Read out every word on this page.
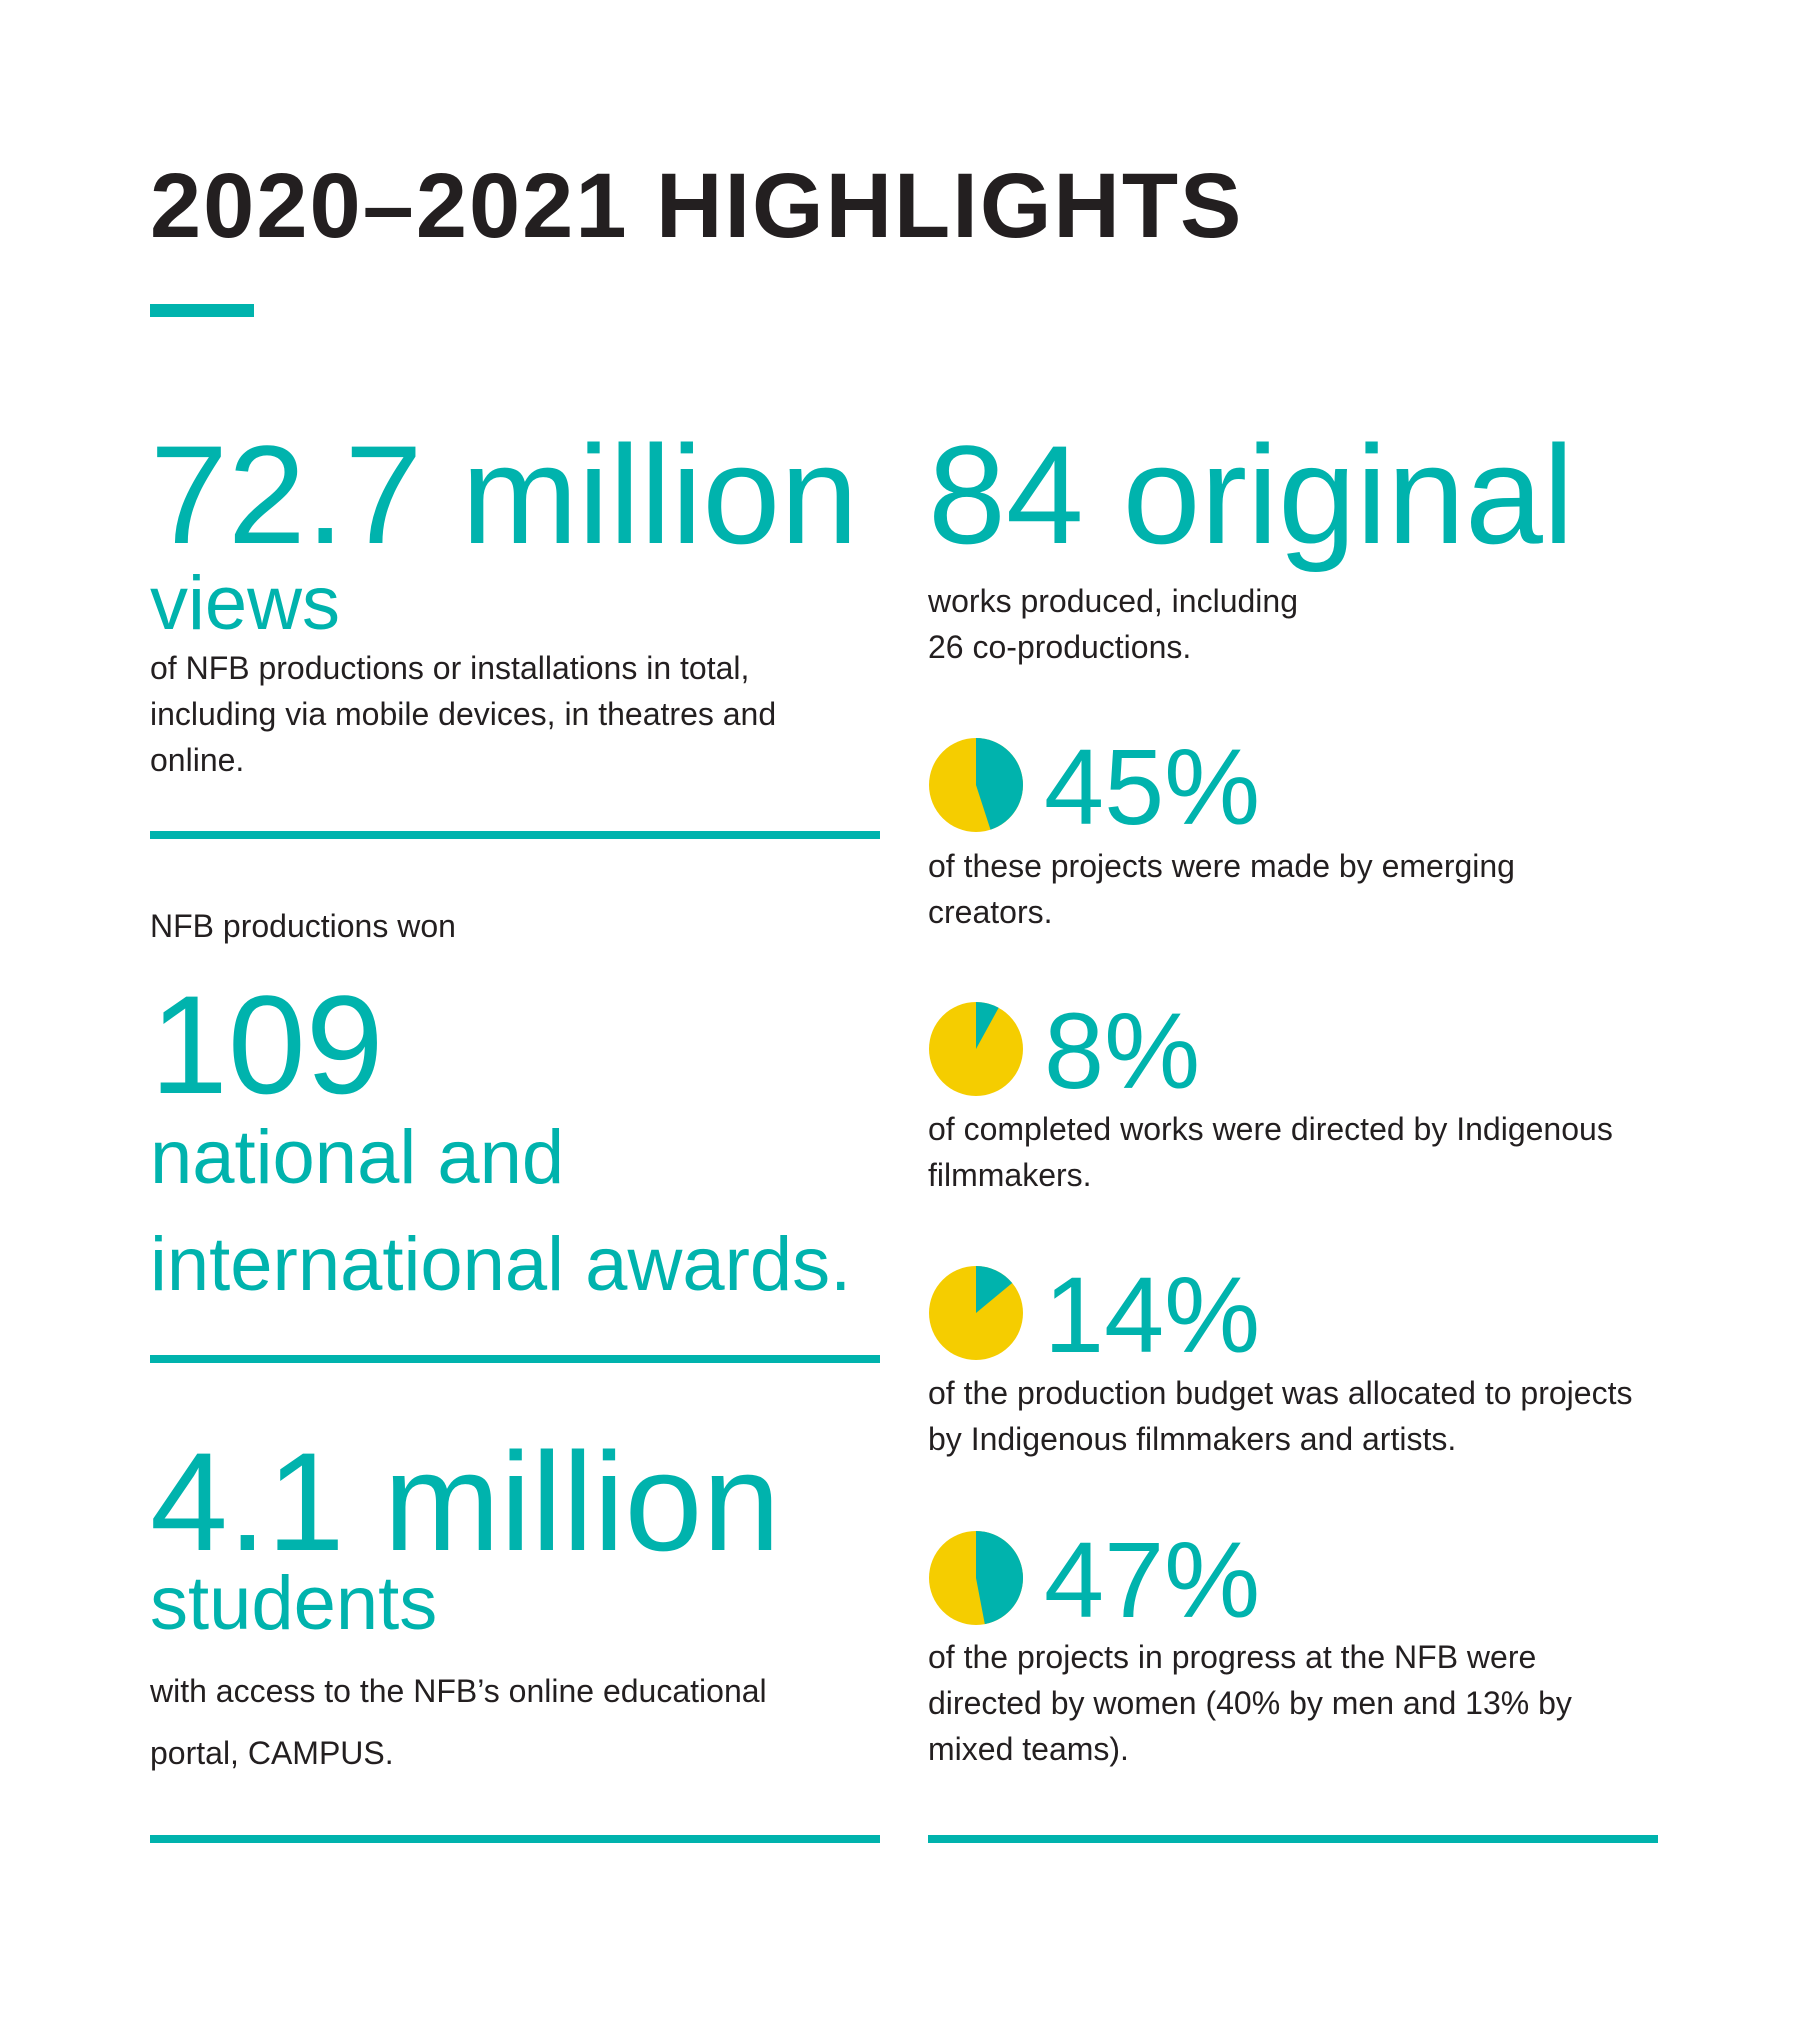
2020–2021 HIGHLIGHTS
72.7 million
views

of NFB productions or installations in total, including via mobile devices, in theatres and online.

NFB productions won

109
national and
international awards.
4.1 million
students

with access to the NFB’s online educational portal, CAMPUS.

84 original

works produced, including

26 co-productions.

45%

of these projects were made by emerging creators.

8%

of completed works were directed by Indigenous filmmakers.

14%

of the production budget was allocated to projects by Indigenous filmmakers and artists.

47%

of the projects in progress at the NFB were directed by women (40% by men and 13% by mixed teams).
